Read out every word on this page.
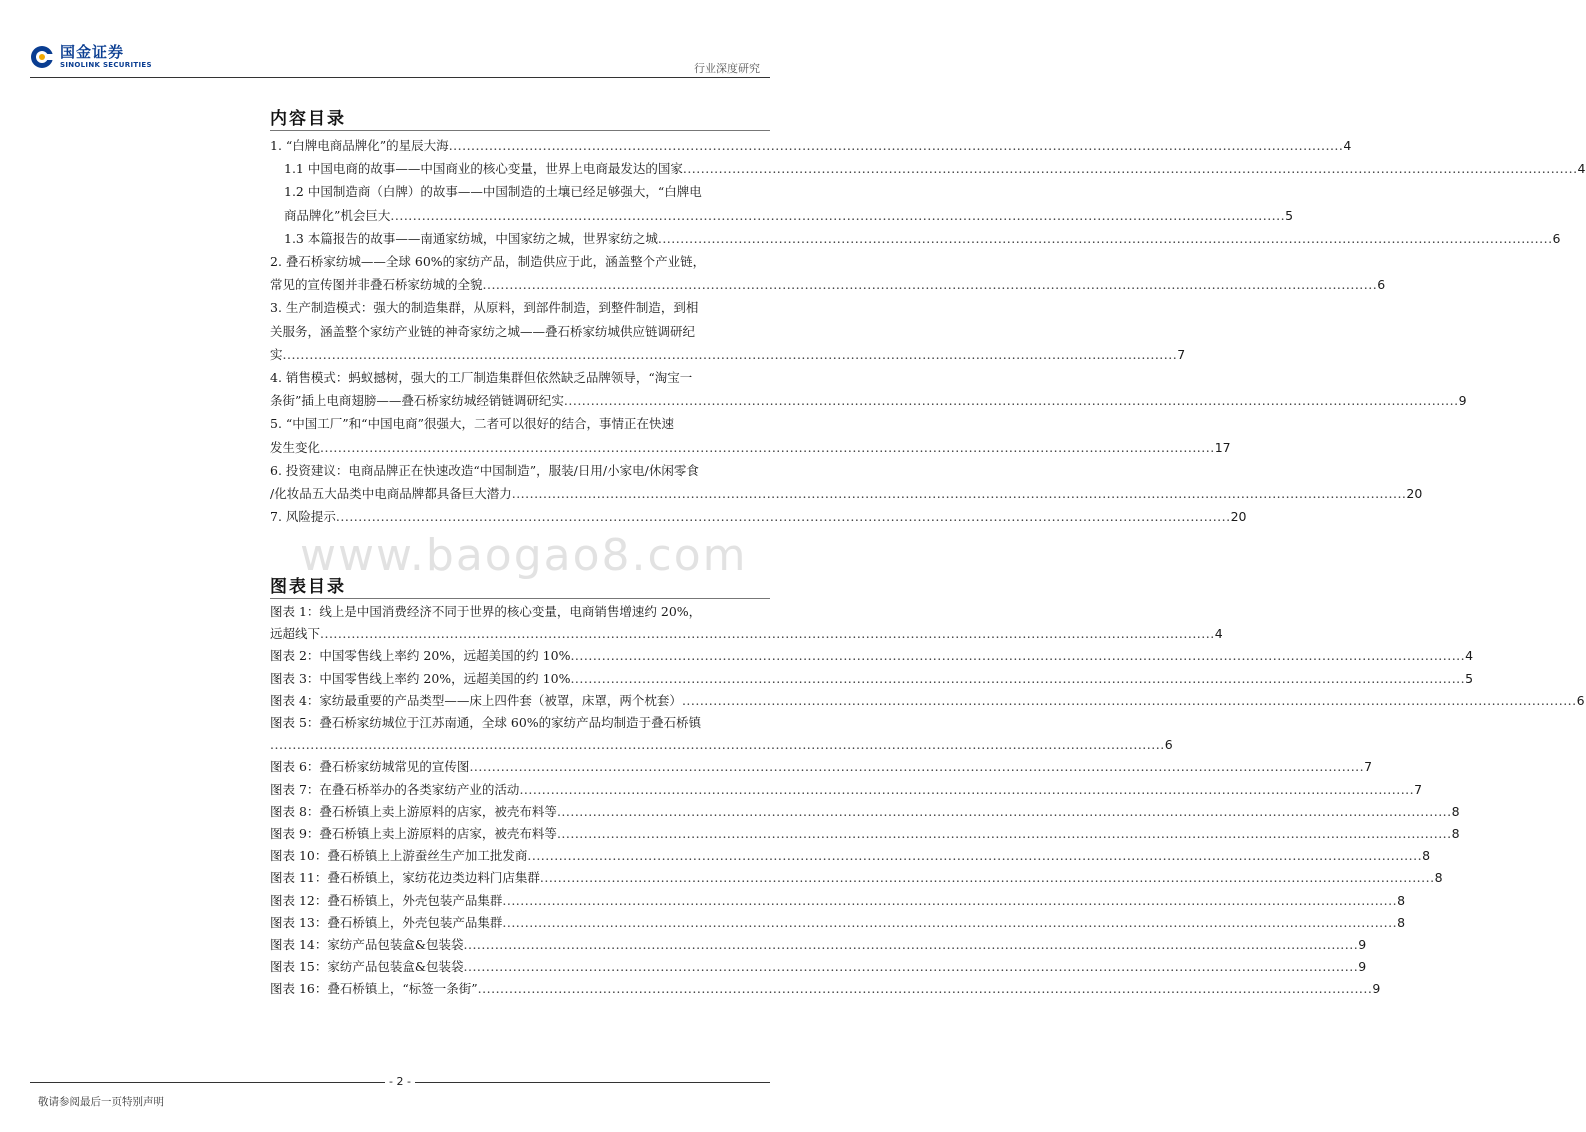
国金证券
SINOLINK SECURITIES	行业深度研究
内容目录
1. “白牌电商品牌化”的星辰大海 ........................................................................................................................................................................................................ 4
1.1 中国电商的故事——中国商业的核心变量，世界上电商最发达的国家 ........................................................................................................................................................................................................ 4
1.2 中国制造商（白牌）的故事——中国制造的土壤已经足够强大，“白牌电
商品牌化”机会巨大 ........................................................................................................................................................................................................ 5
1.3 本篇报告的故事——南通家纺城，中国家纺之城，世界家纺之城 ........................................................................................................................................................................................................ 6
2. 叠石桥家纺城——全球 60%的家纺产品，制造供应于此，涵盖整个产业链，
常见的宣传图并非叠石桥家纺城的全貌 ........................................................................................................................................................................................................ 6
3. 生产制造模式：强大的制造集群，从原料，到部件制造，到整件制造，到相
关服务，涵盖整个家纺产业链的神奇家纺之城——叠石桥家纺城供应链调研纪
实 ........................................................................................................................................................................................................ 7
4. 销售模式：蚂蚁撼树，强大的工厂制造集群但依然缺乏品牌领导，“淘宝一
条街”插上电商翅膀——叠石桥家纺城经销链调研纪实 ........................................................................................................................................................................................................ 9
5. “中国工厂”和“中国电商”很强大，二者可以很好的结合，事情正在快速
发生变化 ........................................................................................................................................................................................................ 17
6. 投资建议：电商品牌正在快速改造“中国制造”，服装/日用/小家电/休闲零食
/化妆品五大品类中电商品牌都具备巨大潜力 ........................................................................................................................................................................................................ 20
7. 风险提示 ........................................................................................................................................................................................................ 20
www.baogao8.com
图表目录
图表 1：线上是中国消费经济不同于世界的核心变量，电商销售增速约 20%，
远超线下 ........................................................................................................................................................................................................ 4
图表 2：中国零售线上率约 20%，远超美国的约 10% ........................................................................................................................................................................................................ 4
图表 3：中国零售线上率约 20%，远超美国的约 10% ........................................................................................................................................................................................................ 5
图表 4：家纺最重要的产品类型——床上四件套（被罩，床罩，两个枕套） ........................................................................................................................................................................................................ 6
图表 5：叠石桥家纺城位于江苏南通，全球 60%的家纺产品均制造于叠石桥镇
........................................................................................................................................................................................................ 6
图表 6：叠石桥家纺城常见的宣传图 ........................................................................................................................................................................................................ 7
图表 7：在叠石桥举办的各类家纺产业的活动 ........................................................................................................................................................................................................ 7
图表 8：叠石桥镇上卖上游原料的店家，被壳布料等 ........................................................................................................................................................................................................ 8
图表 9：叠石桥镇上卖上游原料的店家，被壳布料等 ........................................................................................................................................................................................................ 8
图表 10：叠石桥镇上上游蚕丝生产加工批发商 ........................................................................................................................................................................................................ 8
图表 11：叠石桥镇上，家纺花边类边料门店集群 ........................................................................................................................................................................................................ 8
图表 12：叠石桥镇上，外壳包装产品集群 ........................................................................................................................................................................................................ 8
图表 13：叠石桥镇上，外壳包装产品集群 ........................................................................................................................................................................................................ 8
图表 14：家纺产品包装盒&包装袋 ........................................................................................................................................................................................................ 9
图表 15：家纺产品包装盒&包装袋 ........................................................................................................................................................................................................ 9
图表 16：叠石桥镇上，“标签一条街” ........................................................................................................................................................................................................ 9
- 2 -
敬请参阅最后一页特别声明
